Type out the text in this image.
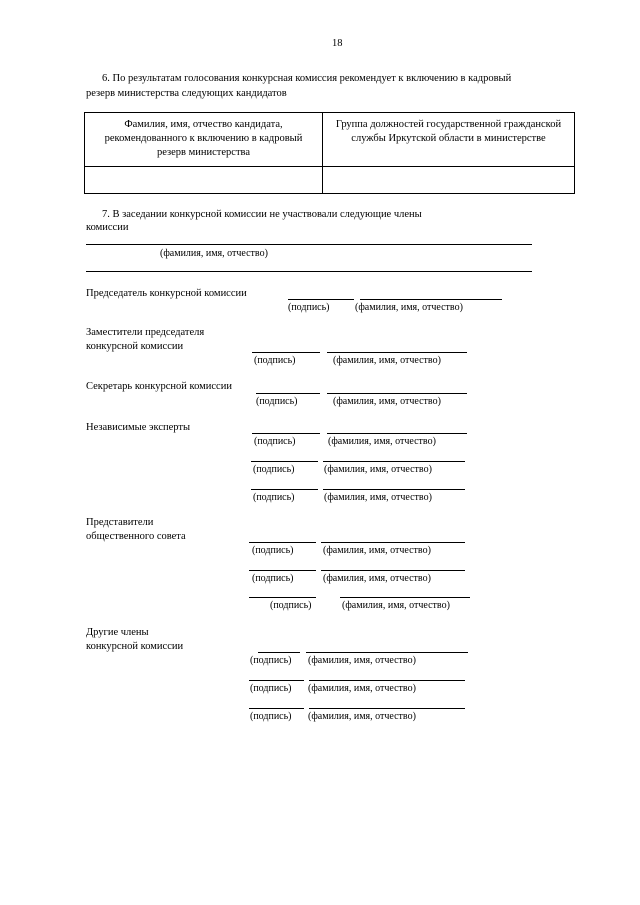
18
6. По результатам голосования конкурсная комиссия рекомендует к включению в кадровый
резерв министерства следующих кандидатов
Фамилия, имя, отчество кандидата, рекомендованного к включению в кадровый резерв министерства	Группа должностей государственной гражданской службы Иркутской области в министерстве

7. В заседании конкурсной комиссии не участвовали следующие члены
комиссии
(фамилия, имя, отчество)
Председатель конкурсной комиссии
(подпись)	(фамилия, имя, отчество)
Заместители председателя
конкурсной комиссии
(подпись)	(фамилия, имя, отчество)
Секретарь конкурсной комиссии
(подпись)	(фамилия, имя, отчество)
Независимые эксперты
(подпись)	(фамилия, имя, отчество)
(подпись)	(фамилия, имя, отчество)
(подпись)	(фамилия, имя, отчество)
Представители
общественного совета
(подпись)	(фамилия, имя, отчество)
(подпись)	(фамилия, имя, отчество)
(подпись)	(фамилия, имя, отчество)
Другие члены
конкурсной комиссии
(подпись) (фамилия, имя, отчество)
(подпись) (фамилия, имя, отчество)
(подпись) (фамилия, имя, отчество)
